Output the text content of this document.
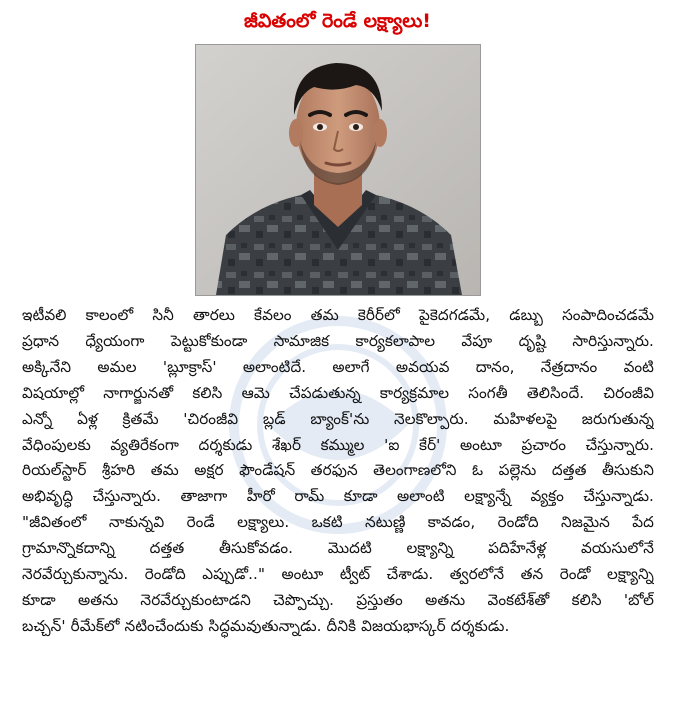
జీవితంలో రెండే లక్ష్యాలు!
ఇటీవలి కాలంలో సినీ తారలు కేవలం తమ కెరీర్‌లో పైకెదగడమే, డబ్బు సంపాదించడమే
ప్రధాన ధ్యేయంగా పెట్టుకోకుండా సామాజిక కార్యకలాపాల వేపూ దృష్టి సారిస్తున్నారు.
అక్కినేని అమల 'బ్లూక్రాస్' అలాంటిదే. అలాగే అవయవ దానం, నేత్రదానం వంటి
విషయాల్లో నాగార్జునతో కలిసి ఆమె చేపడుతున్న కార్యక్రమాల సంగతీ తెలిసిందే. చిరంజీవి
ఎన్నో ఏళ్ల క్రితమే 'చిరంజీవి బ్లడ్ బ్యాంక్'ను నెలకొల్పారు. మహిళలపై జరుగుతున్న
వేధింపులకు వ్యతిరేకంగా దర్శకుడు శేఖర్ కమ్ముల 'ఐ కేర్' అంటూ ప్రచారం చేస్తున్నారు.
రియల్‌స్టార్ శ్రీహరి తమ అక్షర ఫౌండేషన్ తరఫున తెలంగాణలోని ఓ పల్లెను దత్తత తీసుకుని
అభివృద్ధి చేస్తున్నారు. తాజాగా హీరో రామ్ కూడా అలాంటి లక్ష్యాన్నే వ్యక్తం చేస్తున్నాడు.
"జీవితంలో నాకున్నవి రెండే లక్ష్యాలు. ఒకటి నటుణ్ణి కావడం, రెండోది నిజమైన పేద
గ్రామాన్నొకదాన్ని దత్తత తీసుకోవడం. మొదటి లక్ష్యాన్ని పదిహేనేళ్ల వయసులోనే
నెరవేర్చుకున్నాను. రెండోది ఎప్పుడో.." అంటూ ట్వీట్ చేశాడు. త్వరలోనే తన రెండో లక్ష్యాన్ని
కూడా అతను నెరవేర్చుకుంటాడని చెప్పొచ్చు. ప్రస్తుతం అతను వెంకటేశ్‌తో కలిసి 'బోల్
బచ్చన్' రీమేక్‌లో నటించేందుకు సిద్ధమవుతున్నాడు. దీనికి విజయభాస్కర్ దర్శకుడు.
